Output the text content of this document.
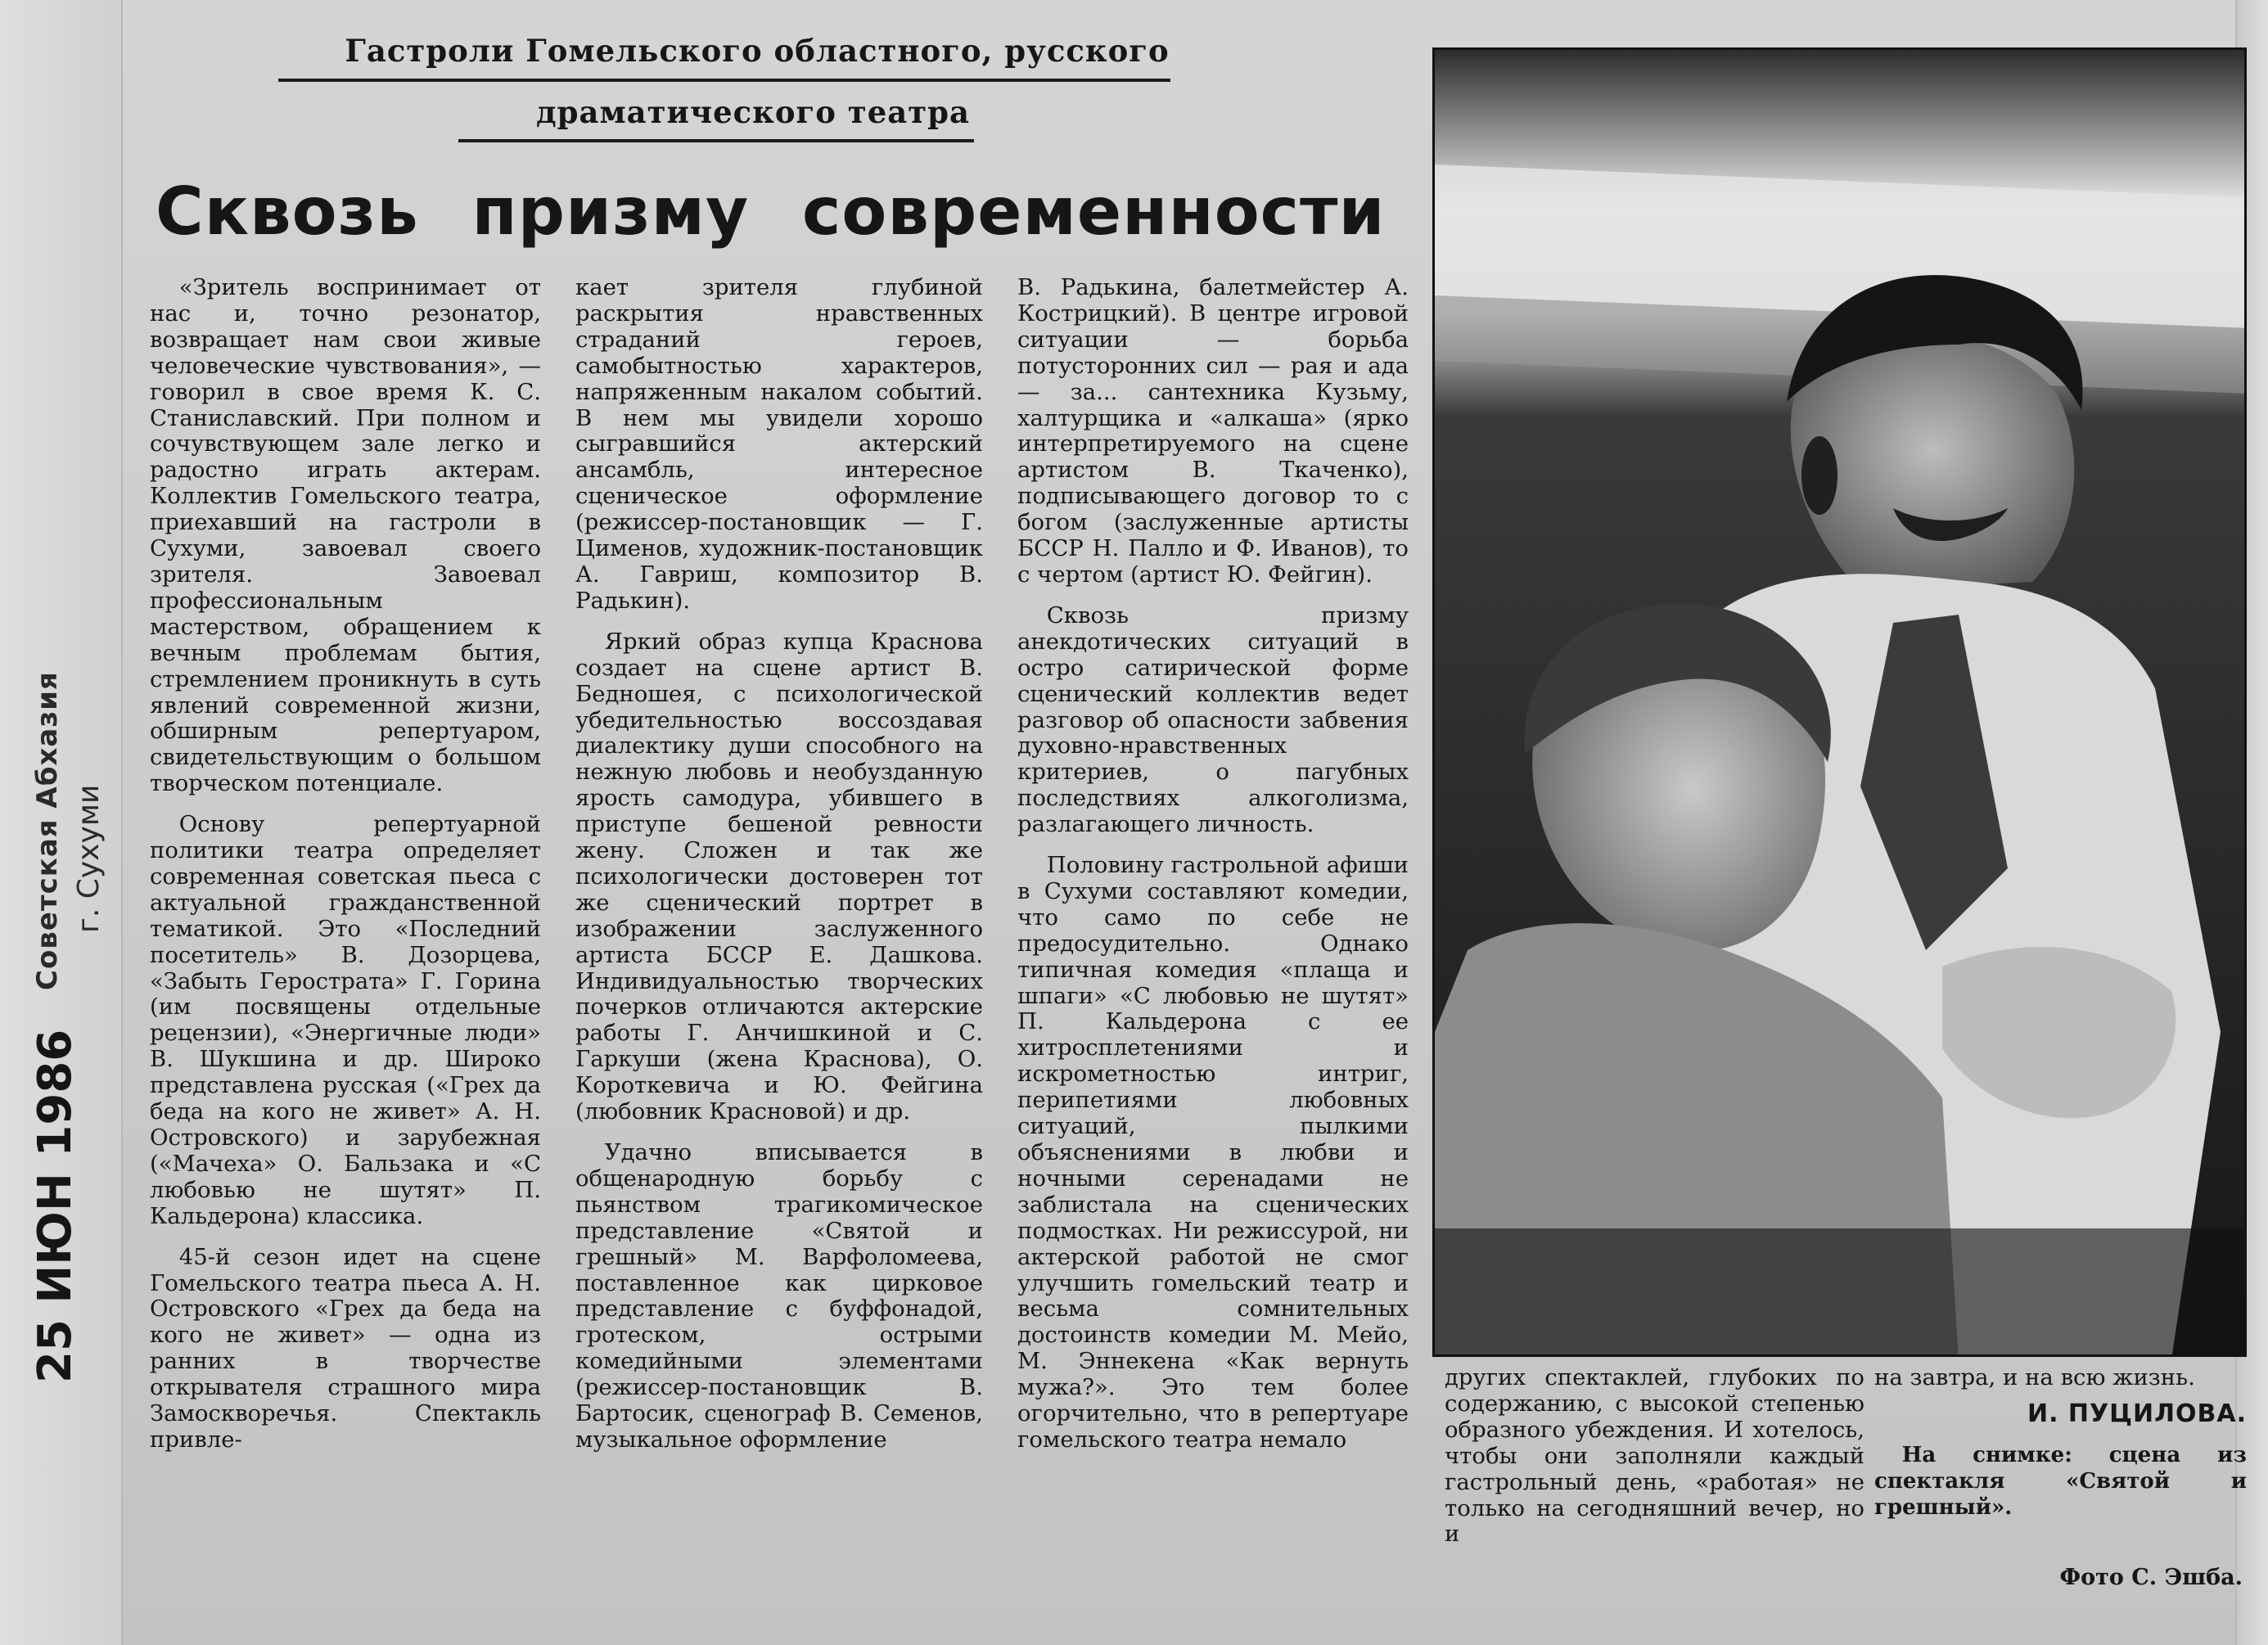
Советская Абхазия г. Сухуми
Гастроли Гомельского областного, русского
драматического театра
Сквозь призму современности

«Зритель воспринимает от нас и, точно резонатор, возвращает нам свои живые человеческие чувствования», — говорил в свое время К. С. Станиславский. При полном и сочувствующем зале легко и радостно играть актерам. Коллектив Гомельского театра, приехавший на гастроли в Сухуми, завоевал своего зрителя. Завоевал профессиональным мастерством, обращением к вечным проблемам бытия, стремлением проникнуть в суть явлений современной жизни, обширным репертуаром, свидетельствующим о большом творческом потенциале.

Основу репертуарной политики театра определяет современная советская пьеса с актуальной гражданственной тематикой. Это «Последний посетитель» В. Дозорцева, «Забыть Герострата» Г. Горина (им посвящены отдельные рецензии), «Энергичные люди» В. Шукшина и др. Широко представлена русская («Грех да беда на кого не живет» А. Н. Островского) и зарубежная («Мачеха» О. Бальзака и «С любовью не шутят» П. Кальдерона) классика.

45-й сезон идет на сцене Гомельского театра пьеса А. Н. Островского «Грех да беда на кого не живет» — одна из ранних в творчестве открывателя страшного мира Замоскворечья. Спектакль привле-

кает зрителя глубиной раскрытия нравственных страданий героев, самобытностью характеров, напряженным накалом событий. В нем мы увидели хорошо сыгравшийся актерский ансамбль, интересное сценическое оформление (режиссер-постановщик — Г. Цименов, художник-постановщик А. Гавриш, композитор В. Радькин).

Яркий образ купца Краснова создает на сцене артист В. Бедношея, с психологической убедительностью воссоздавая диалектику души способного на нежную любовь и необузданную ярость самодура, убившего в приступе бешеной ревности жену. Сложен и так же психологически достоверен тот же сценический портрет в изображении заслуженного артиста БССР Е. Дашкова. Индивидуальностью творческих почерков отличаются актерские работы Г. Анчишкиной и С. Гаркуши (жена Краснова), О. Короткевича и Ю. Фейгина (любовник Красновой) и др.

Удачно вписывается в общенародную борьбу с пьянством трагикомическое представление «Святой и грешный» М. Варфоломеева, поставленное как цирковое представление с буффонадой, гротеском, острыми комедийными элементами (режиссер-постановщик В. Бартосик, сценограф В. Семенов, музыкальное оформление

В. Радькина, балетмейстер А. Кострицкий). В центре игровой ситуации — борьба потусторонних сил — рая и ада — за... сантехника Кузьму, халтурщика и «алкаша» (ярко интерпретируемого на сцене артистом В. Ткаченко), подписывающего договор то с богом (заслуженные артисты БССР Н. Палло и Ф. Иванов), то с чертом (артист Ю. Фейгин).

Сквозь призму анекдотических ситуаций в остро сатирической форме сценический коллектив ведет разговор об опасности забвения духовно-нравственных критериев, о пагубных последствиях алкоголизма, разлагающего личность.

Половину гастрольной афиши в Сухуми составляют комедии, что само по себе не предосудительно. Однако типичная комедия «плаща и шпаги» «С любовью не шутят» П. Кальдерона с ее хитросплетениями и искрометностью интриг, перипетиями любовных ситуаций, пылкими объяснениями в любви и ночными серенадами не заблистала на сценических подмостках. Ни режиссурой, ни актерской работой не смог улучшить гомельский театр и весьма сомнительных достоинств комедии М. Мейо, М. Эннекена «Как вернуть мужа?». Это тем более огорчительно, что в репертуаре гомельского театра немало

других спектаклей, глубоких по содержанию, с высокой степенью образного убеждения. И хотелось, чтобы они заполняли каждый гастрольный день, «работая» не только на сегодняшний вечер, но и

на завтра, и на всю жизнь.

И. ПУЦИЛОВА.

На снимке: сцена из спектакля «Святой и грешный».

Фото С. Эшба.
